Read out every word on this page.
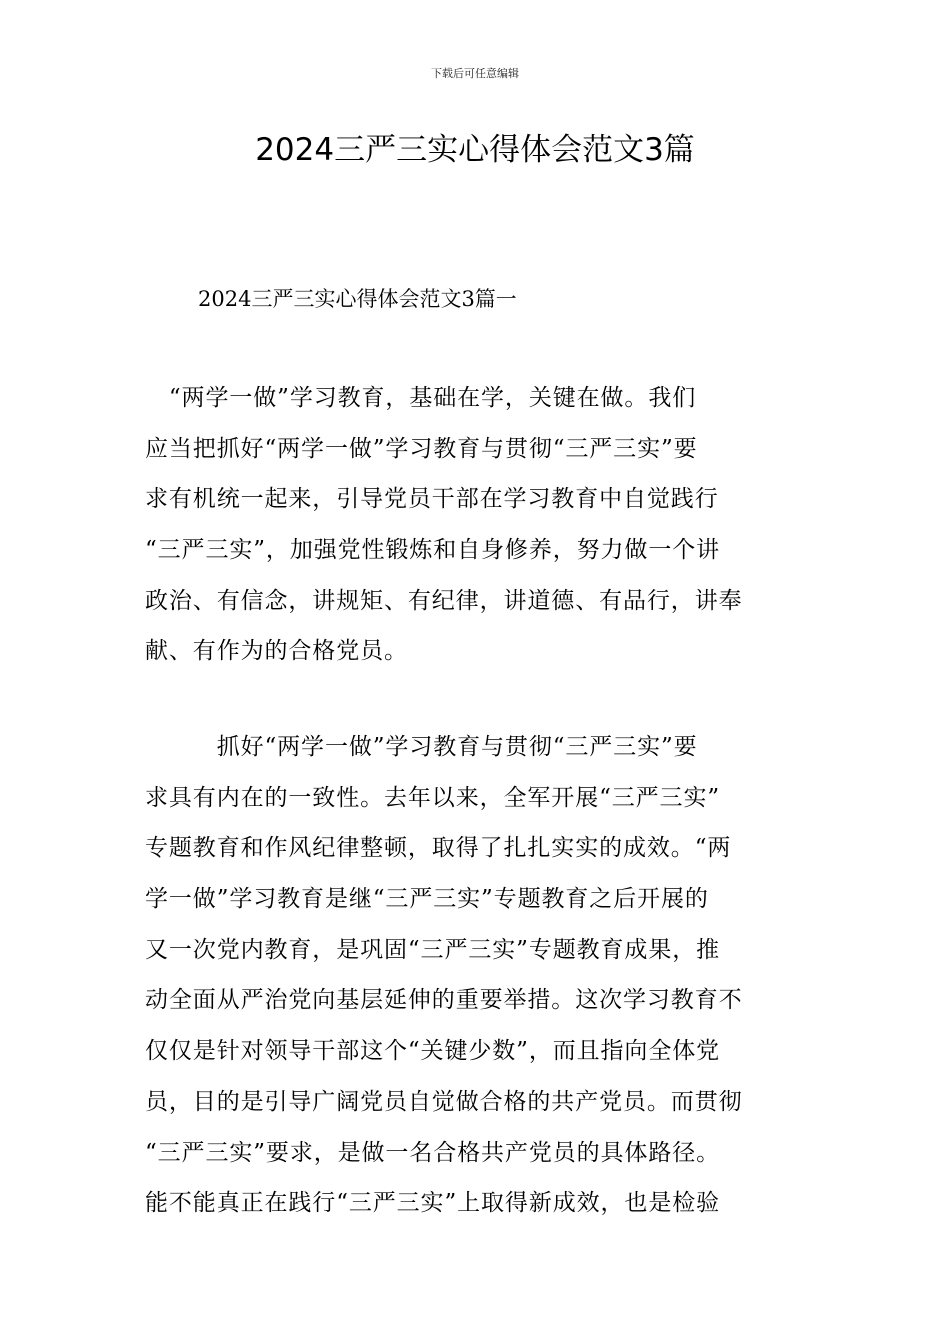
下载后可任意编辑
2024三严三实心得体会范文3篇
2024三严三实心得体会范文3篇一
　“两学一做”学习教育，基础在学，关键在做。我们
应当把抓好“两学一做”学习教育与贯彻“三严三实”要
求有机统一起来，引导党员干部在学习教育中自觉践行
“三严三实”，加强党性锻炼和自身修养，努力做一个讲
政治、有信念，讲规矩、有纪律，讲道德、有品行，讲奉
献、有作为的合格党员。
　　　抓好“两学一做”学习教育与贯彻“三严三实”要
求具有内在的一致性。去年以来，全军开展“三严三实”
专题教育和作风纪律整顿，取得了扎扎实实的成效。“两
学一做”学习教育是继“三严三实”专题教育之后开展的
又一次党内教育，是巩固“三严三实”专题教育成果，推
动全面从严治党向基层延伸的重要举措。这次学习教育不
仅仅是针对领导干部这个“关键少数”，而且指向全体党
员，目的是引导广阔党员自觉做合格的共产党员。而贯彻
“三严三实”要求，是做一名合格共产党员的具体路径。
能不能真正在践行“三严三实”上取得新成效，也是检验
